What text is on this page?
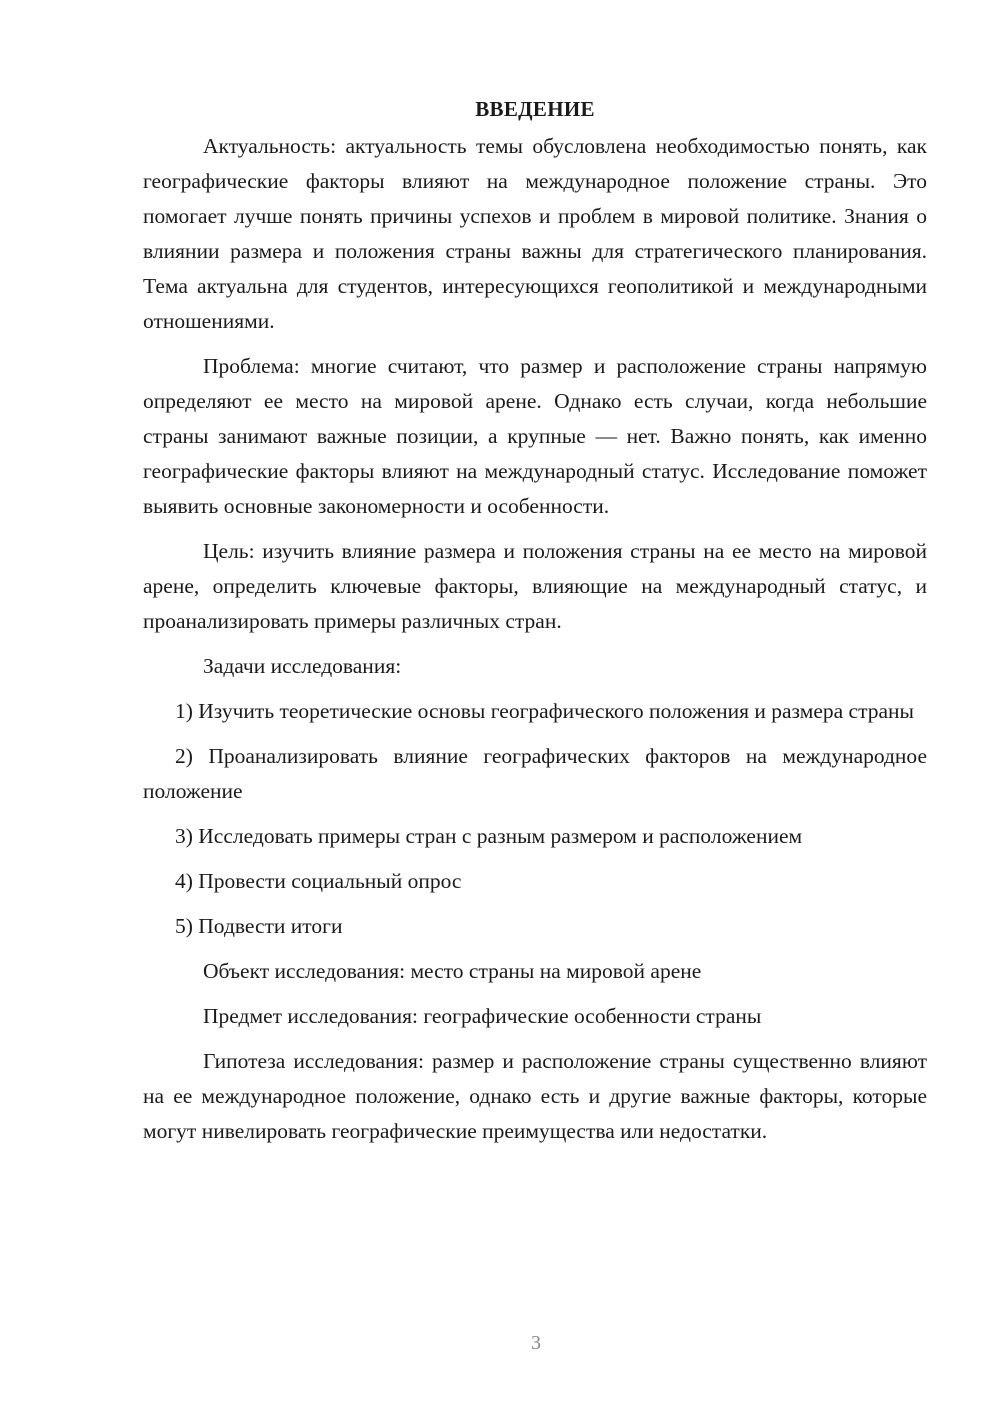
ВВЕДЕНИЕ

Актуальность: актуальность темы обусловлена необходимостью понять, как географические факторы влияют на международное положение страны. Это помогает лучше понять причины успехов и проблем в мировой политике. Знания о влиянии размера и положения страны важны для стратегического планирования. Тема актуальна для студентов, интересующихся геополитикой и международными отношениями.

Проблема: многие считают, что размер и расположение страны напрямую определяют ее место на мировой арене. Однако есть случаи, когда небольшие страны занимают важные позиции, а крупные — нет. Важно понять, как именно географические факторы влияют на международный статус. Исследование поможет выявить основные закономерности и особенности.

Цель: изучить влияние размера и положения страны на ее место на мировой арене, определить ключевые факторы, влияющие на международный статус, и проанализировать примеры различных стран.

Задачи исследования:

1) Изучить теоретические основы географического положения и размера страны

2) Проанализировать влияние географических факторов на международное положение

3) Исследовать примеры стран с разным размером и расположением

4) Провести социальный опрос

5) Подвести итоги

Объект исследования: место страны на мировой арене

Предмет исследования: географические особенности страны

Гипотеза исследования: размер и расположение страны существенно влияют на ее международное положение, однако есть и другие важные факторы, которые могут нивелировать географические преимущества или недостатки.

3
